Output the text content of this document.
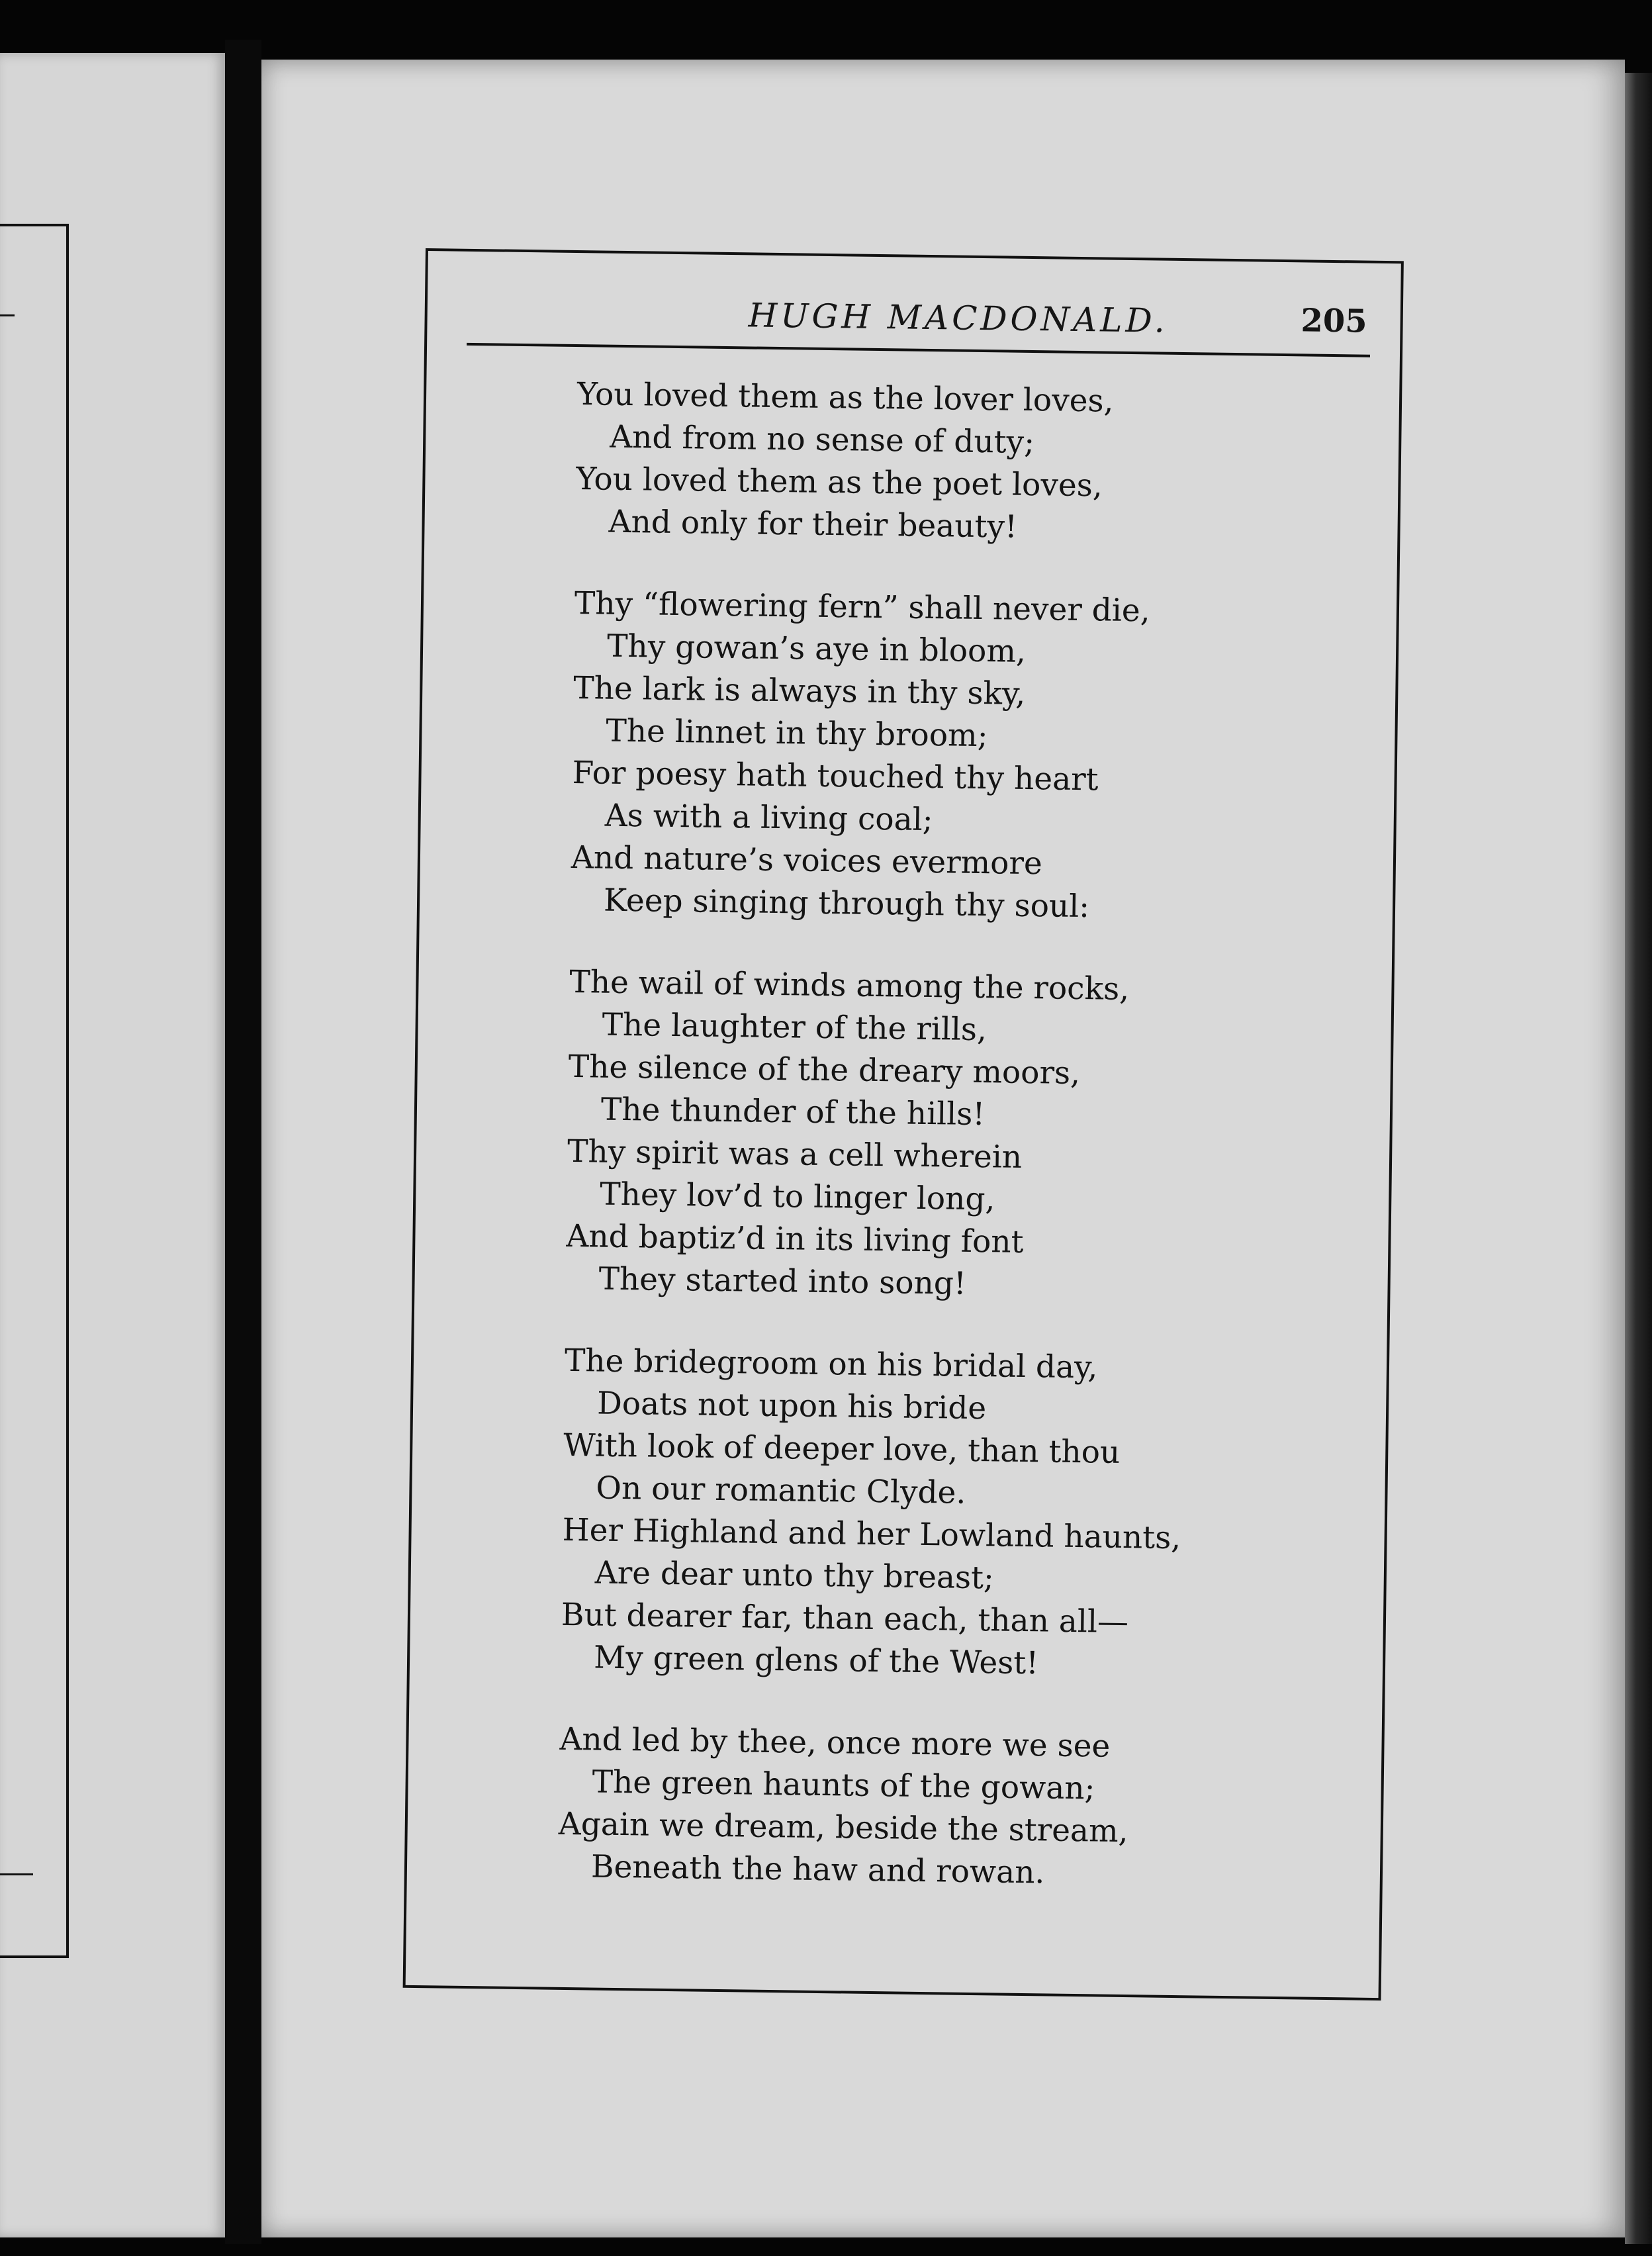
HUGH MACDONALD.	205
You loved them as the lover loves,
And from no sense of duty;
You loved them as the poet loves,
And only for their beauty!
Thy “flowering fern” shall never die,
Thy gowan’s aye in bloom,
The lark is always in thy sky,
The linnet in thy broom;
For poesy hath touched thy heart
As with a living coal;
And nature’s voices evermore
Keep singing through thy soul:
The wail of winds among the rocks,
The laughter of the rills,
The silence of the dreary moors,
The thunder of the hills!
Thy spirit was a cell wherein
They lov’d to linger long,
And baptiz’d in its living font
They started into song!
The bridegroom on his bridal day,
Doats not upon his bride
With look of deeper love, than thou
On our romantic Clyde.
Her Highland and her Lowland haunts,
Are dear unto thy breast;
But dearer far, than each, than all—
My green glens of the West!
And led by thee, once more we see
The green haunts of the gowan;
Again we dream, beside the stream,
Beneath the haw and rowan.
